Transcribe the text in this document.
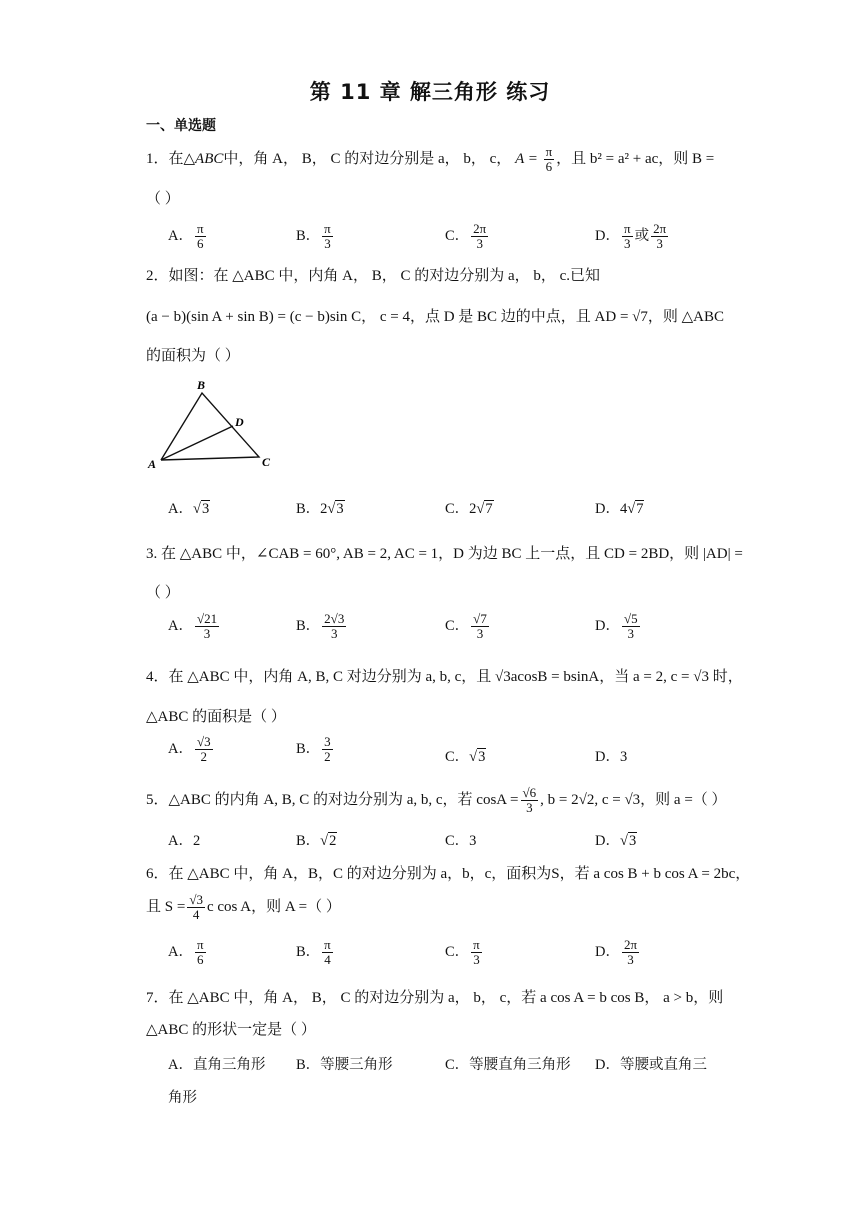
第 11 章 解三角形 练习
一、单选题
1．在△ABC中，角 A， B， C 的对边分别是 a， b， c， $A = \frac{\pi}{6}$ ，且 b² = a² + ac，则 B =
（ ）
A． $\frac{\pi}{6}$	B． $\frac{\pi}{3}$	C． $\frac{2\pi}{3}$	D． $\frac{\pi}{3}$ 或 $\frac{2\pi}{3}$
2．如图：在 △ABC 中，内角 A， B， C 的对边分别为 a， b， c.已知
(a − b)(sin A + sin B) = (c − b)sin C， c = 4，点 D 是 BC 边的中点，且 AD = √7，则 △ABC
的面积为（ ）
A
B
C
D
A．√3	B．2√3	C．2√7	D．4√7
3. 在 △ABC 中，∠CAB = 60°, AB = 2, AC = 1，D 为边 BC 上一点，且 CD = 2BD，则 |AD| =
（ ）
A． $\frac{√21}{3}$	B． $\frac{2√3}{3}$	C． $\frac{√7}{3}$	D． $\frac{√5}{3}$
4．在 △ABC 中，内角 A, B, C 对边分别为 a, b, c，且 √3acosB = bsinA，当 a = 2, c = √3 时，
△ABC 的面积是（ ）
A． $\frac{√3}{2}$	B． $\frac{3}{2}$	C．√3	D．3
5．△ABC 的内角 A, B, C 的对边分别为 a, b, c，若 $\cos A = \frac{√6}{3}$ , b = 2√2, c = √3，则 a =（ ）
A．2	B．√2	C．3	D．√3
6．在 △ABC 中，角 A，B，C 的对边分别为 a，b，c，面积为S，若 a cos B + b cos A = 2bc，
且 $S = \frac{√3}{4}$ c cos A，则 A =（ ）
A． $\frac{\pi}{6}$	B． $\frac{\pi}{4}$	C． $\frac{\pi}{3}$	D． $\frac{2\pi}{3}$
7．在 △ABC 中，角 A， B， C 的对边分别为 a， b， c，若 a cos A = b cos B， a > b，则
△ABC 的形状一定是（ ）
A．直角三角形 B．等腰三角形	C．等腰直角三角形 D．等腰或直角三
角形
